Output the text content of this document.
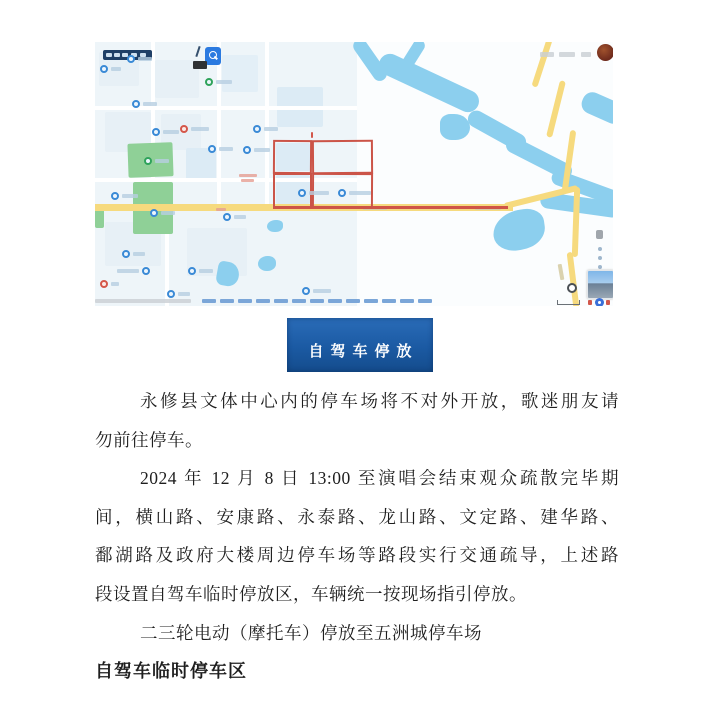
自驾车停放
永修县文体中心内的停车场将不对外开放，歌迷朋友请
勿前往停车。
2024 年 12 月 8 日 13:00 至演唱会结束观众疏散完毕期
间，横山路、安康路、永泰路、龙山路、文定路、建华路、
鄱湖路及政府大楼周边停车场等路段实行交通疏导，上述路
段设置自驾车临时停放区，车辆统一按现场指引停放。
二三轮电动（摩托车）停放至五洲城停车场
自驾车临时停车区
